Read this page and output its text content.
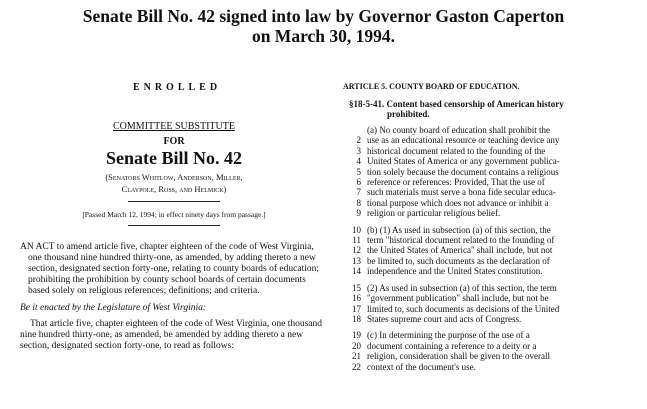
Senate Bill No. 42 signed into law by Governor Gaston Caperton
on March 30, 1994.
ENROLLED
COMMITTEE SUBSTITUTE
FOR
Senate Bill No. 42
(Senators Whitlow, Anderson, Miller,
Claypole, Ross, and Helmick)
[Passed March 12, 1994; in effect ninety days from passage.]
AN ACT to amend article five, chapter eighteen of the code of West Virginia, one thousand nine hundred thirty-one, as amended, by adding thereto a new section, designated section forty-one, relating to county boards of education; prohibiting the prohibition by county school boards of certain documents based solely on religious references; definitions; and criteria.
Be it enacted by the Legislature of West Virginia:
That article five, chapter eighteen of the code of West Virginia, one thousand nine hundred thirty-one, as amended, be amended by adding thereto a new section, designated section forty-one, to read as follows:
ARTICLE 5. COUNTY BOARD OF EDUCATION.
§18-5-41. Content based censorship of American history
prohibited.
(a) No county board of education shall prohibit the
2 use as an educational resource or teaching device any
3 historical document related to the founding of the
4 United States of America or any government publica-
5 tion solely because the document contains a religious
6 reference or references: Provided, That the use of
7 such materials must serve a bona fide secular educa-
8 tional purpose which does not advance or inhibit a
9 religion or particular religious belief.
10 (b) (1) As used in subsection (a) of this section, the
11 term "historical document related to the founding of
12 the United States of America" shall include, but not
13 be limited to, such documents as the declaration of
14 independence and the United States constitution.
15 (2) As used in subsection (a) of this section, the term
16 "government publication" shall include, but not be
17 limited to, such documents as decisions of the United
18 States supreme court and acts of Congress.
19 (c) In determining the purpose of the use of a
20 document containing a reference to a deity or a
21 religion, consideration shall be given to the overall
22 context of the document's use.
